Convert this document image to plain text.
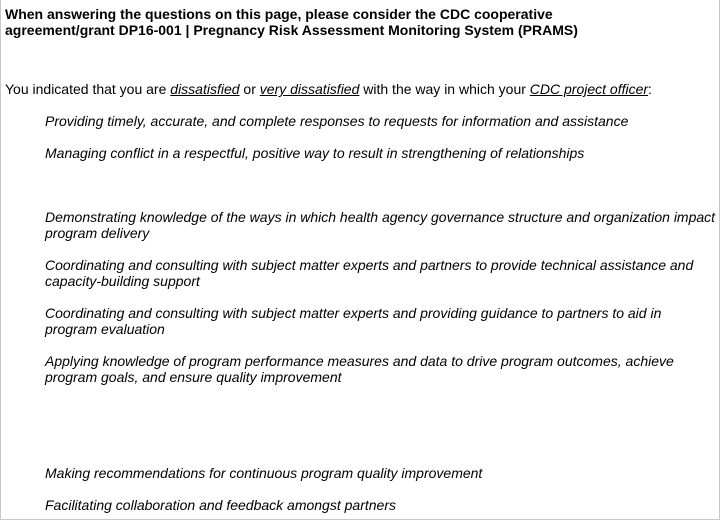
When answering the questions on this page, please consider the CDC cooperative
agreement/grant DP16-001 | Pregnancy Risk Assessment Monitoring System (PRAMS)
You indicated that you are dissatisfied or very dissatisfied with the way in which your CDC project officer:
Providing timely, accurate, and complete responses to requests for information and assistance
Managing conflict in a respectful, positive way to result in strengthening of relationships
Demonstrating knowledge of the ways in which health agency governance structure and organization impact program delivery
Coordinating and consulting with subject matter experts and partners to provide technical assistance and capacity-building support
Coordinating and consulting with subject matter experts and providing guidance to partners to aid in program evaluation
Applying knowledge of program performance measures and data to drive program outcomes, achieve program goals, and ensure quality improvement
Making recommendations for continuous program quality improvement
Facilitating collaboration and feedback amongst partners
